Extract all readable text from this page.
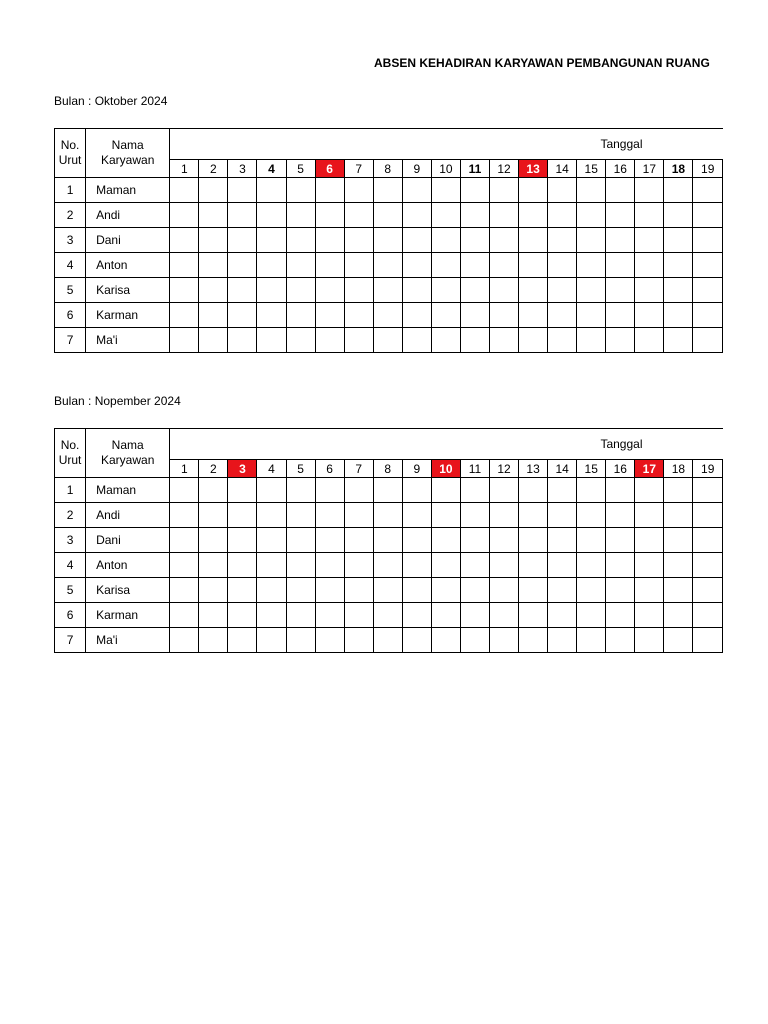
ABSEN KEHADIRAN KARYAWAN PEMBANGUNAN RUANG
Bulan : Oktober 2024
No.
Urut	Nama
Karyawan	Tanggal																		
		1	2	3	4	5	6	7	8	9	10	11	12	13	14	15	16	17	18	19
1	Maman																			
2	Andi																			
3	Dani																			
4	Anton																			
5	Karisa																			
6	Karman																			
7	Ma'i																			
Bulan : Nopember 2024
No.
Urut	Nama
Karyawan	Tanggal																		
		1	2	3	4	5	6	7	8	9	10	11	12	13	14	15	16	17	18	19
1	Maman																			
2	Andi																			
3	Dani																			
4	Anton																			
5	Karisa																			
6	Karman																			
7	Ma'i																			
